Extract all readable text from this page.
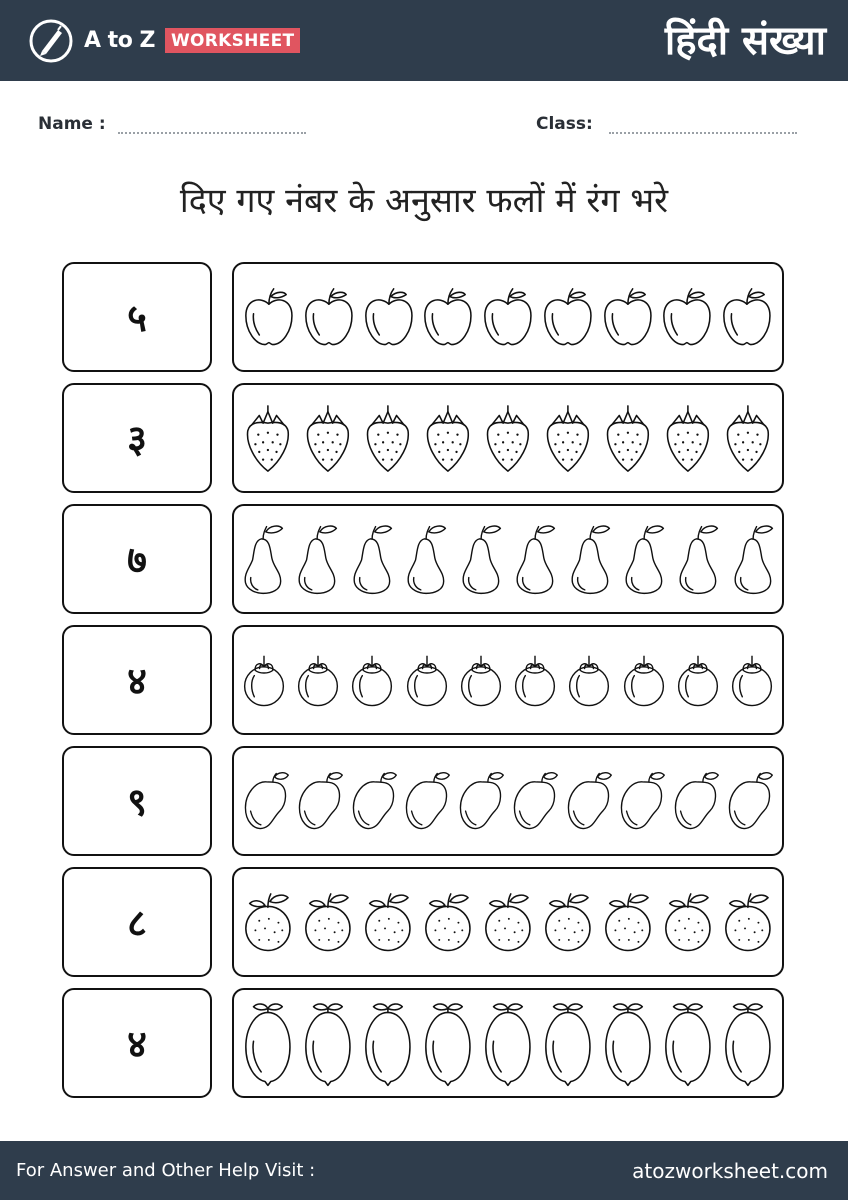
A to Z WORKSHEET	हिंदी संख्या
Name :	Class:
दिए गए नंबर के अनुसार फलों में रंग भरे
५
३
७
४
९
८
४
For Answer and Other Help Visit :	atozworksheet.com
